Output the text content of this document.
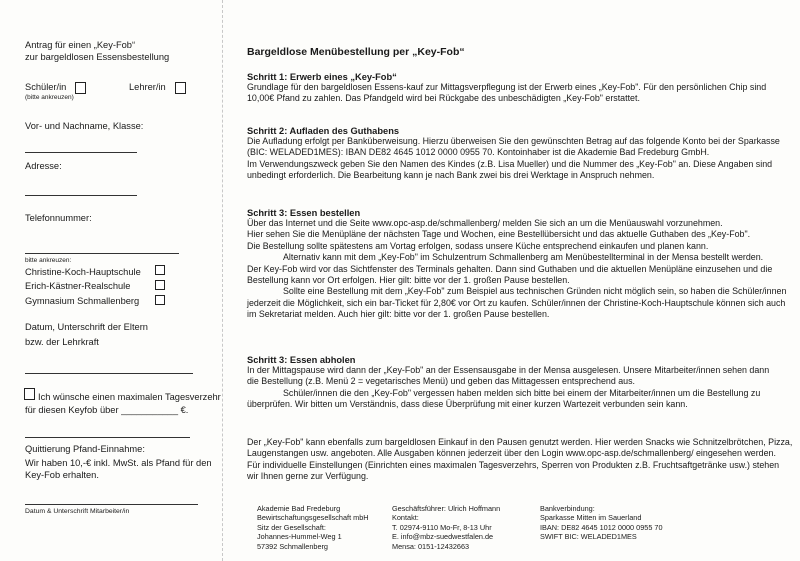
Antrag für einen „Key-Fob“
zur bargeldlosen Essensbestellung
Schüler/in
(bitte ankreuzen)
Lehrer/in
Vor- und Nachname, Klasse:
Adresse:
Telefonnummer:
bitte ankreuzen:
Christine-Koch-Hauptschule
Erich-Kästner-Realschule
Gymnasium Schmallenberg
Datum, Unterschrift der Eltern
bzw. der Lehrkraft
Ich wünsche einen maximalen Tagesverzehr
für diesen Keyfob über ___________ €.
Quittierung Pfand-Einnahme:
Wir haben 10,-€ inkl. MwSt. als Pfand für den
Key-Fob erhalten.
Datum & Unterschrift Mitarbeiter/in
Bargeldlose Menübestellung per „Key-Fob“
Schritt 1: Erwerb eines „Key-Fob“
Grundlage für den bargeldlosen Essens-kauf zur Mittagsverpflegung ist der Erwerb eines „Key-Fob". Für den persönlichen Chip sind
10,00€ Pfand zu zahlen. Das Pfandgeld wird bei Rückgabe des unbeschädigten „Key-Fob" erstattet.
Schritt 2: Aufladen des Guthabens
Die Aufladung erfolgt per Banküberweisung. Hierzu überweisen Sie den gewünschten Betrag auf das folgende Konto bei der Sparkasse
(BIC: WELADED1MES): IBAN DE82 4645 1012 0000 0955 70. Kontoinhaber ist die Akademie Bad Fredeburg GmbH.
Im Verwendungszweck geben Sie den Namen des Kindes (z.B. Lisa Mueller) und die Nummer des „Key-Fob" an. Diese Angaben sind
unbedingt erforderlich. Die Bearbeitung kann je nach Bank zwei bis drei Werktage in Anspruch nehmen.
Schritt 3: Essen bestellen
Über das Internet und die Seite www.opc-asp.de/schmallenberg/ melden Sie sich an um die Menüauswahl vorzunehmen.
Hier sehen Sie die Menüpläne der nächsten Tage und Wochen, eine Bestellübersicht und das aktuelle Guthaben des „Key-Fob".
Die Bestellung sollte spätestens am Vortag erfolgen, sodass unsere Küche entsprechend einkaufen und planen kann.
Alternativ kann mit dem „Key-Fob" im Schulzentrum Schmallenberg am Menübestellterminal in der Mensa bestellt werden.
Der Key-Fob wird vor das Sichtfenster des Terminals gehalten. Dann sind Guthaben und die aktuellen Menüpläne einzusehen und die
Bestellung kann vor Ort erfolgen. Hier gilt: bitte vor der 1. großen Pause bestellen.
Sollte eine Bestellung mit dem „Key-Fob" zum Beispiel aus technischen Gründen nicht möglich sein, so haben die Schüler/innen
jederzeit die Möglichkeit, sich ein bar-Ticket für 2,80€ vor Ort zu kaufen. Schüler/innen der Christine-Koch-Hauptschule können sich auch
im Sekretariat melden. Auch hier gilt: bitte vor der 1. großen Pause bestellen.
Schritt 3: Essen abholen
In der Mittagspause wird dann der „Key-Fob" an der Essensausgabe in der Mensa ausgelesen. Unsere Mitarbeiter/innen sehen dann
die Bestellung (z.B. Menü 2 = vegetarisches Menü) und geben das Mittagessen entsprechend aus.
Schüler/innen die den „Key-Fob" vergessen haben melden sich bitte bei einem der Mitarbeiter/innen um die Bestellung zu
überprüfen. Wir bitten um Verständnis, dass diese Überprüfung mit einer kurzen Wartezeit verbunden sein kann.
Der „Key-Fob" kann ebenfalls zum bargeldlosen Einkauf in den Pausen genutzt werden. Hier werden Snacks wie Schnitzelbrötchen, Pizza,
Laugenstangen usw. angeboten. Alle Ausgaben können jederzeit über den Login www.opc-asp.de/schmallenberg/ eingesehen werden.
Für individuelle Einstellungen (Einrichten eines maximalen Tagesverzehrs, Sperren von Produkten z.B. Fruchtsaftgetränke usw.) stehen
wir Ihnen gerne zur Verfügung.
Akademie Bad Fredeburg
Bewirtschaftungsgesellschaft mbH
Sitz der Gesellschaft:
Johannes-Hummel-Weg 1
57392 Schmallenberg
Geschäftsführer: Ulrich Hoffmann
Kontakt:
T. 02974-9110 Mo-Fr, 8-13 Uhr
E. info@mbz-suedwestfalen.de
Mensa: 0151-12432663
Bankverbindung:
Sparkasse Mitten im Sauerland
IBAN: DE82 4645 1012 0000 0955 70
SWIFT BIC: WELADED1MES
